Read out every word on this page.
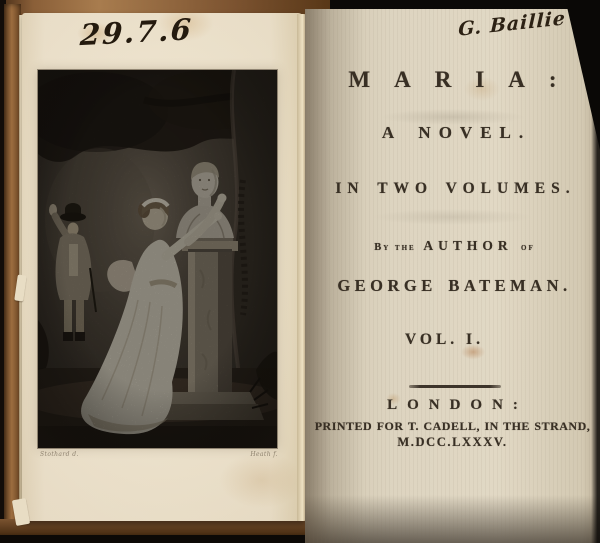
29.7.6
Stothard d.	Heath f.
G. Baillie
MARIA:
A NOVEL.
IN TWO VOLUMES.
By the AUTHOR of
GEORGE BATEMAN.
VOL. I.
LONDON:
PRINTED FOR T. CADELL, IN THE STRAND,
M.DCC.LXXXV.
